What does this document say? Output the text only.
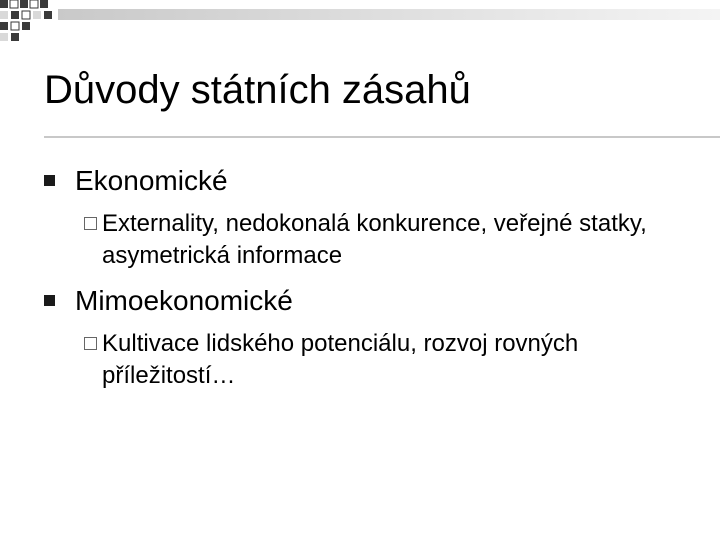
Důvody státních zásahů
Ekonomické
Externality, nedokonalá konkurence, veřejné statky, asymetrická informace
Mimoekonomické
Kultivace lidského potenciálu, rozvoj rovných příležitostí…
